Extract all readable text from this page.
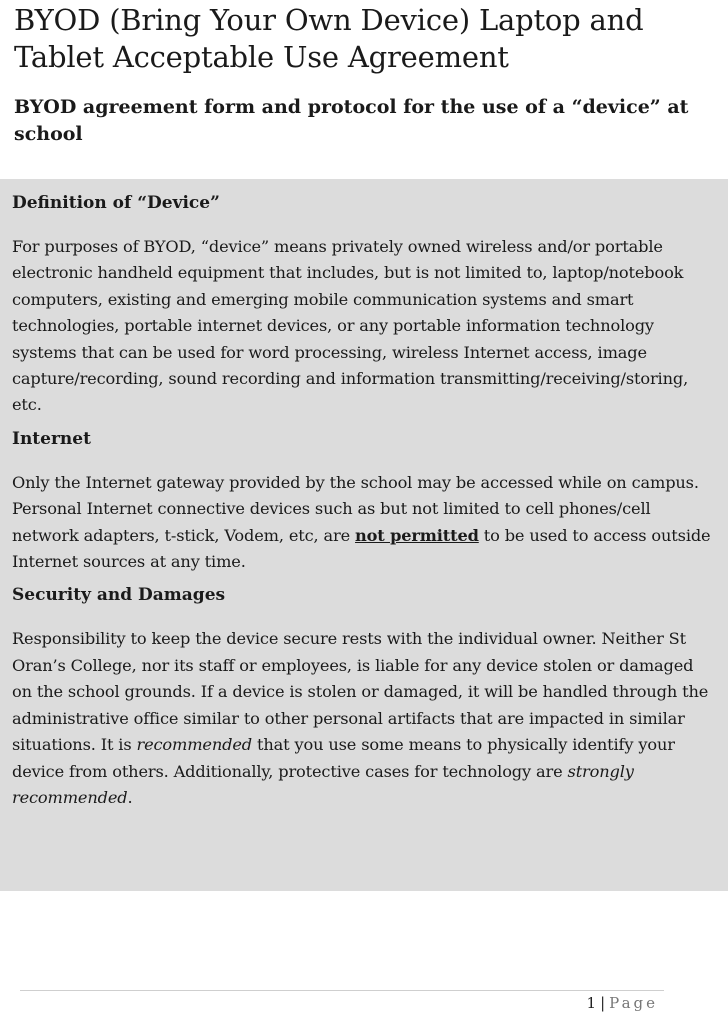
BYOD (Bring Your Own Device) Laptop and Tablet Acceptable Use Agreement
BYOD agreement form and protocol for the use of a “device” at school
Definition of “Device”

For purposes of BYOD, “device” means privately owned wireless and/or portable electronic handheld equipment that includes, but is not limited to, laptop/notebook computers, existing and emerging mobile communication systems and smart technologies, portable internet devices, or any portable information technology systems that can be used for word processing, wireless Internet access, image capture/recording, sound recording and information transmitting/receiving/storing, etc.

Internet

Only the Internet gateway provided by the school may be accessed while on campus. Personal Internet connective devices such as but not limited to cell phones/cell network adapters, t-stick, Vodem, etc, are not permitted to be used to access outside Internet sources at any time.

Security and Damages

Responsibility to keep the device secure rests with the individual owner. Neither St Oran’s College, nor its staff or employees, is liable for any device stolen or damaged on the school grounds. If a device is stolen or damaged, it will be handled through the administrative office similar to other personal artifacts that are impacted in similar situations. It is recommended that you use some means to physically identify your device from others. Additionally, protective cases for technology are strongly recommended.

1 | Page
